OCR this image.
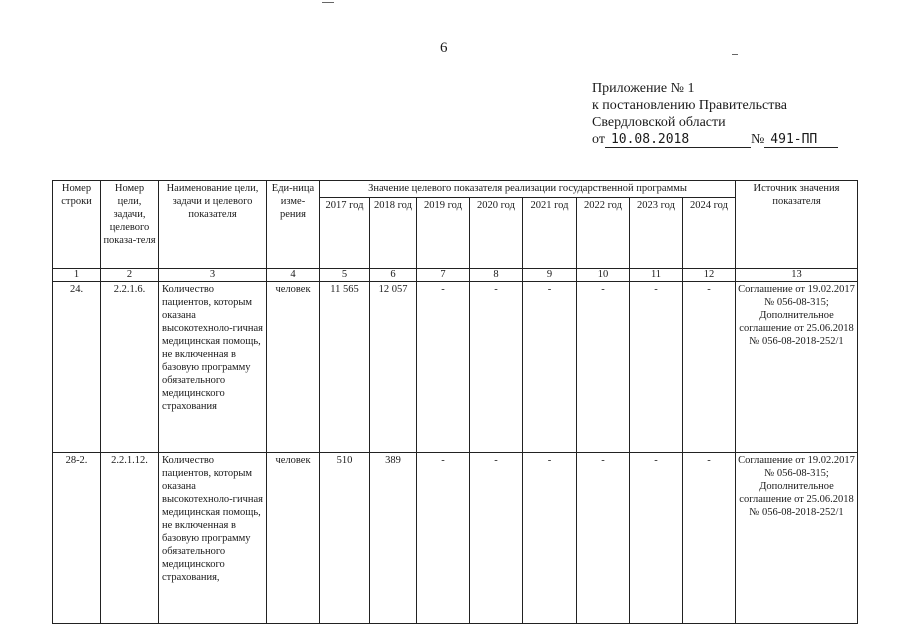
6
Приложение № 1
к постановлению Правительства
Свердловской области
от 10.08.2018	№ 491-ПП
Номер строки	Номер цели, задачи, целевого показа-теля	Наименование цели, задачи и целевого показателя	Еди-ница изме-рения	Значение целевого показателя реализации государственной программы								Источник значения показателя
				2017 год	2018 год	2019 год	2020 год	2021 год	2022 год	2023 год	2024 год	
1	2	3	4	5	6	7	8	9	10	11	12	13
24.	2.2.1.6.	Количество пациентов, которым оказана высокотехноло-гичная медицинская помощь, не включенная в базовую программу обязательного медицинского страхования	человек	11 565	12 057	-	-	-	-	-	-	Соглашение от 19.02.2017 № 056-08-315; Дополнительное соглашение от 25.06.2018 № 056-08-2018-252/1
28-2.	2.2.1.12.	Количество пациентов, которым оказана высокотехноло-гичная медицинская помощь, не включенная в базовую программу обязательного медицинского страхования,	человек	510	389	-	-	-	-	-	-	Соглашение от 19.02.2017 № 056-08-315; Дополнительное соглашение от 25.06.2018 № 056-08-2018-252/1
